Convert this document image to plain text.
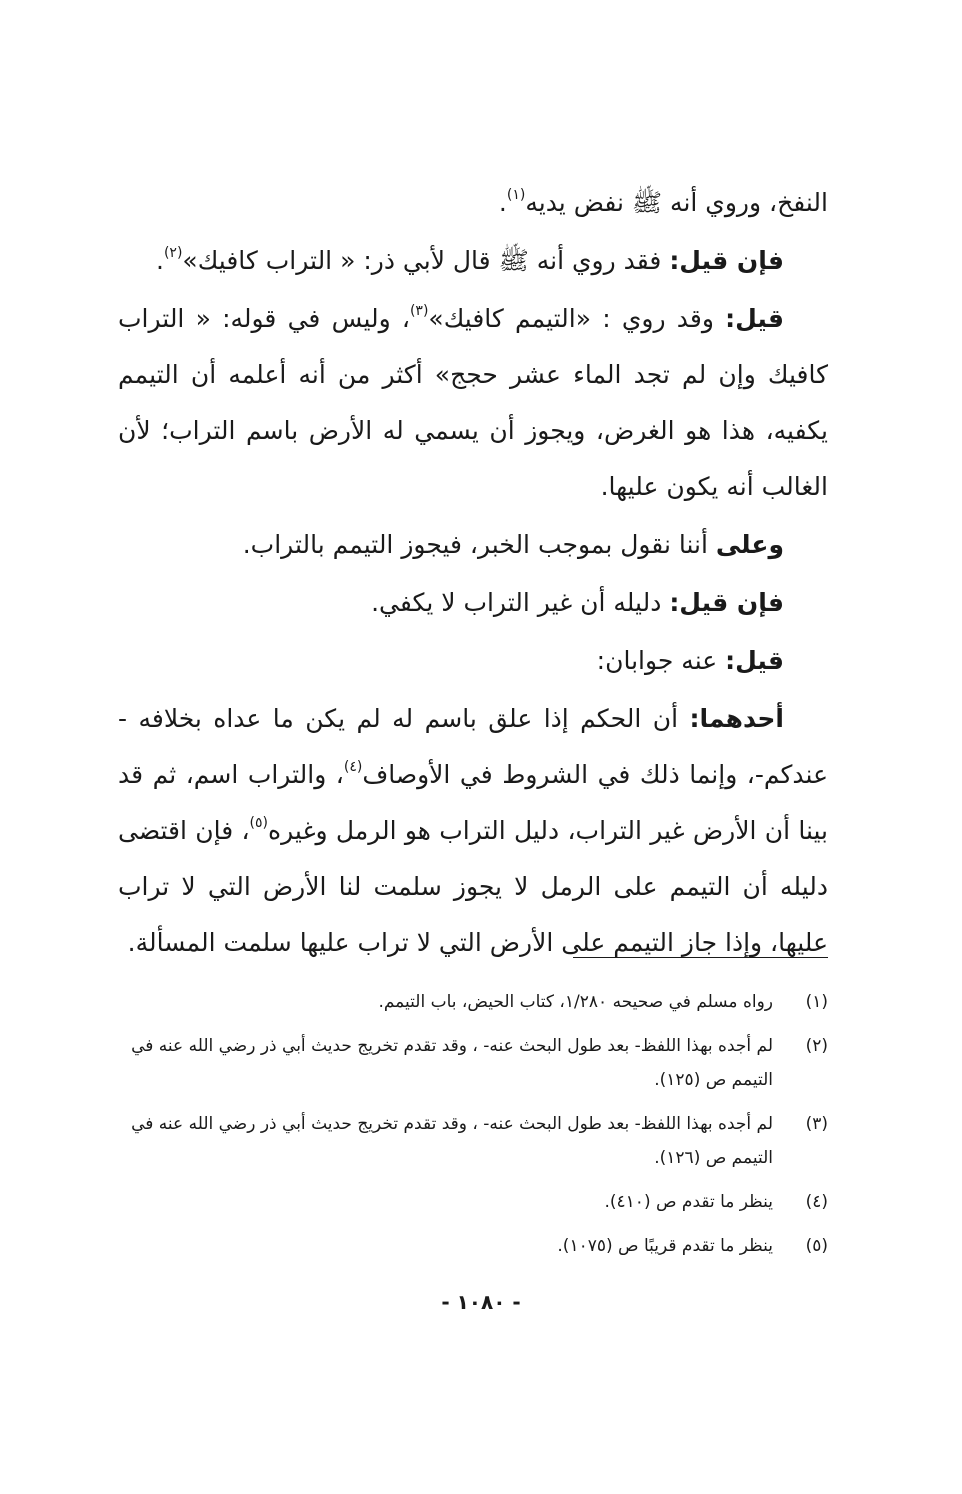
النفخ، وروي أنه ﷺ نفض يديه$^{(١)}$.

فإن قيل: فقد روي أنه ﷺ قال لأبي ذر: « التراب كافيك»$^{(٢)}$.

قيل: وقد روي : «التيمم كافيك»$^{(٣)}$، وليس في قوله: « التراب كافيك وإن لم تجد الماء عشر حجج» أكثر من أنه أعلمه أن التيمم يكفيه، هذا هو الغرض، ويجوز أن يسمي له الأرض باسم التراب؛ لأن الغالب أنه يكون عليها.

وعلى أننا نقول بموجب الخبر، فيجوز التيمم بالتراب.

فإن قيل: دليله أن غير التراب لا يكفي.

قيل: عنه جوابان:

أحدهما: أن الحكم إذا علق باسم له لم يكن ما عداه بخلافه - عندكم-، وإنما ذلك في الشروط في الأوصاف$^{(٤)}$، والتراب اسم، ثم قد بينا أن الأرض غير التراب، دليل التراب هو الرمل وغيره$^{(٥)}$، فإن اقتضى دليله أن التيمم على الرمل لا يجوز سلمت لنا الأرض التي لا تراب عليها، وإذا جاز التيمم على الأرض التي لا تراب عليها سلمت المسألة.

(١)
رواه مسلم في صحيحه ١/٢٨٠، كتاب الحيض، باب التيمم.
(٢)
لم أجده بهذا اللفظ- بعد طول البحث عنه- ، وقد تقدم تخريج حديث أبي ذر رضي الله عنه في التيمم ص (١٢٥).
(٣)
لم أجده بهذا اللفظ- بعد طول البحث عنه- ، وقد تقدم تخريج حديث أبي ذر رضي الله عنه في التيمم ص (١٢٦).
(٤)
ينظر ما تقدم ص (٤١٠).
(٥)
ينظر ما تقدم قريبًا ص (١٠٧٥).
- ١٠٨٠ -
